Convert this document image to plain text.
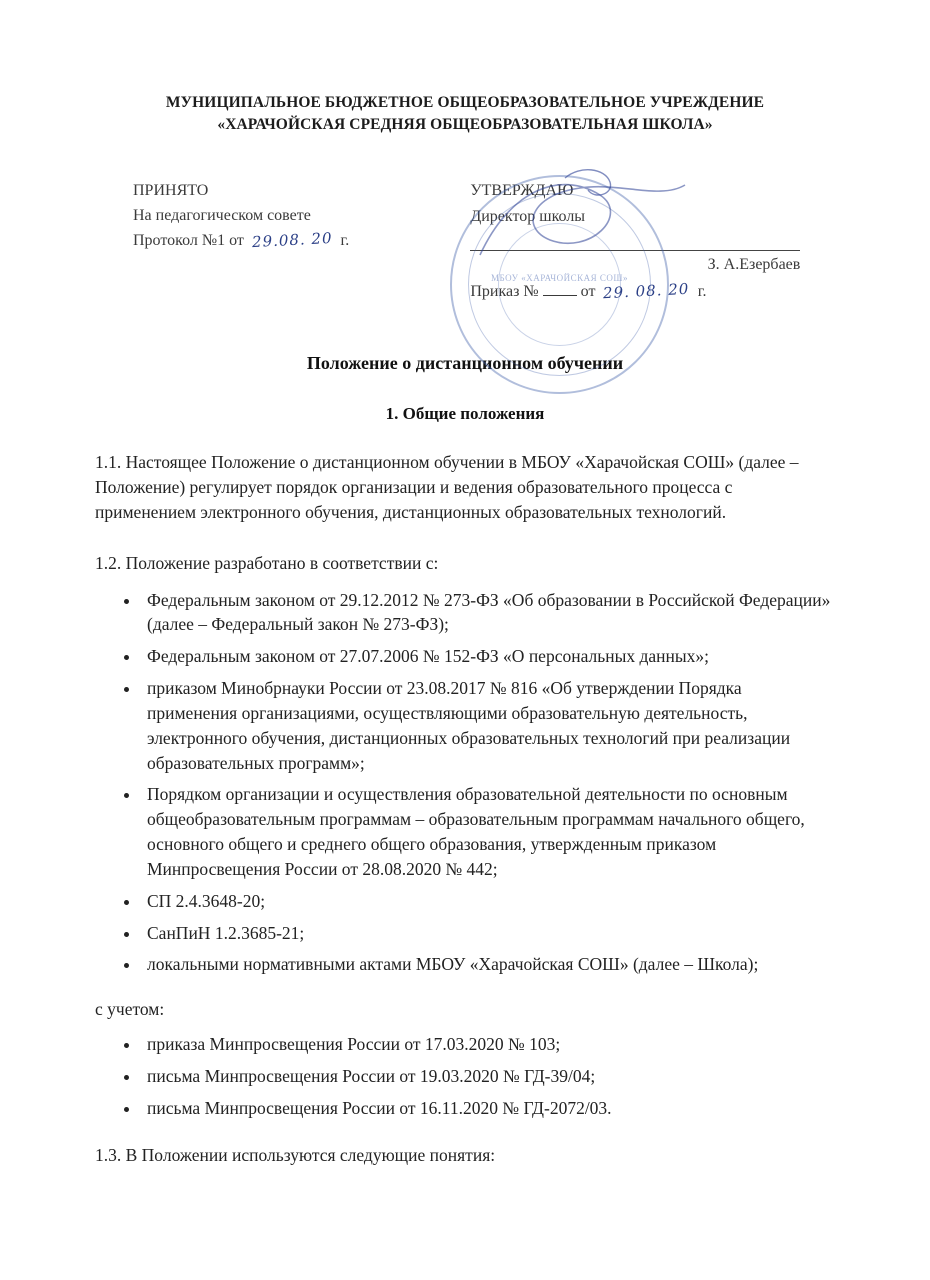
МУНИЦИПАЛЬНОЕ БЮДЖЕТНОЕ ОБЩЕОБРАЗОВАТЕЛЬНОЕ УЧРЕЖДЕНИЕ
«ХАРАЧОЙСКАЯ СРЕДНЯЯ ОБЩЕОБРАЗОВАТЕЛЬНАЯ ШКОЛА»
ПРИНЯТО
На педагогическом совете
Протокол №1 от 29.08. 20 г.
УТВЕРЖДАЮ
Директор школы
З. А.Езербаев
Приказ №	от 29. 08. 20 г.
МБОУ «ХАРАЧОЙСКАЯ СОШ»
Положение о дистанционном обучении
1. Общие положения
1.1. Настоящее Положение о дистанционном обучении в МБОУ «Харачойская СОШ» (далее – Положение) регулирует порядок организации и ведения образовательного процесса с применением электронного обучения, дистанционных образовательных технологий.
1.2. Положение разработано в соответствии с:
• Федеральным законом от 29.12.2012 № 273-ФЗ «Об образовании в Российской Федерации» (далее – Федеральный закон № 273-ФЗ);
• Федеральным законом от 27.07.2006 № 152-ФЗ «О персональных данных»;
• приказом Минобрнауки России от 23.08.2017 № 816 «Об утверждении Порядка применения организациями, осуществляющими образовательную деятельность, электронного обучения, дистанционных образовательных технологий при реализации образовательных программ»;
• Порядком организации и осуществления образовательной деятельности по основным общеобразовательным программам – образовательным программам начального общего, основного общего и среднего общего образования, утвержденным приказом Минпросвещения России от 28.08.2020 № 442;
• СП 2.4.3648-20;
• СанПиН 1.2.3685-21;
• локальными нормативными актами МБОУ «Харачойская СОШ» (далее – Школа);
с учетом:
• приказа Минпросвещения России от 17.03.2020 № 103;
• письма Минпросвещения России от 19.03.2020 № ГД-39/04;
• письма Минпросвещения России от 16.11.2020 № ГД-2072/03.
1.3. В Положении используются следующие понятия:
